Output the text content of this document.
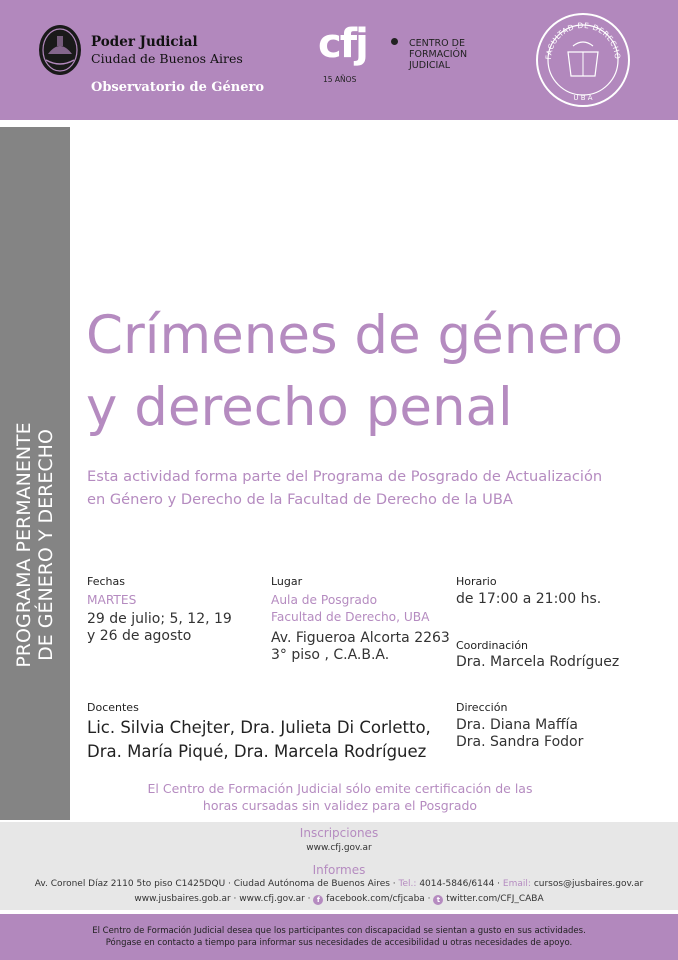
Poder Judicial
Ciudad de Buenos Aires
Observatorio de Género
cfj
15 AÑOS
CENTRO DE
FORMACIÓN
JUDICIAL
FACULTAD DE DERECHO
U B A
PROGRAMA PERMANENTE DE GÉNERO Y DERECHO
Crímenes de género
y derecho penal
Esta actividad forma parte del Programa de Posgrado de Actualización
en Género y Derecho de la Facultad de Derecho de la UBA
Fechas
MARTES
29 de julio; 5, 12, 19
y 26 de agosto
Lugar
Aula de Posgrado
Facultad de Derecho, UBA
Av. Figueroa Alcorta 2263
3° piso , C.A.B.A.
Horario
de 17:00 a 21:00 hs.
Coordinación
Dra. Marcela Rodríguez
Docentes
Lic. Silvia Chejter, Dra. Julieta Di Corletto,
Dra. María Piqué, Dra. Marcela Rodríguez
Dirección
Dra. Diana Maffía
Dra. Sandra Fodor
El Centro de Formación Judicial sólo emite certificación de las
horas cursadas sin validez para el Posgrado
Inscripciones
www.cfj.gov.ar
Informes
Av. Coronel Díaz 2110 5to piso C1425DQU · Ciudad Autónoma de Buenos Aires · Tel.: 4014-5846/6144 · Email: cursos@jusbaires.gov.ar
www.jusbaires.gob.ar · www.cfj.gov.ar · f facebook.com/cfjcaba · t twitter.com/CFJ_CABA
El Centro de Formación Judicial desea que los participantes con discapacidad se sientan a gusto en sus actividades.
Póngase en contacto a tiempo para informar sus necesidades de accesibilidad u otras necesidades de apoyo.
